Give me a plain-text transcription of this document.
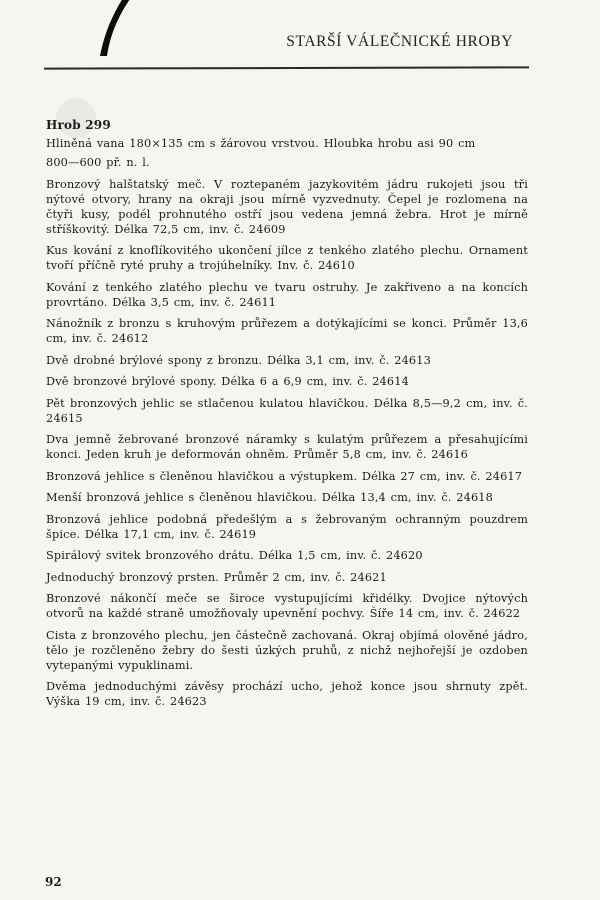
STARŠÍ VÁLEČNICKÉ HROBY
Hrob 299

Hliněná vana 180×135 cm s žárovou vrstvou. Hloubka hrobu asi 90 cm

800—600 př. n. l.

Bronzový halštatský meč. V roztepaném jazykovitém jádru rukojeti jsou tři nýtové otvory, hrany na okraji jsou mírně vyzvednuty. Čepel je rozlomena na čtyři kusy, podél prohnutého ostří jsou vedena jemná žebra. Hrot je mírně stříškovitý. Délka 72,5 cm, inv. č. 24609

Kus kování z knoflíkovitého ukončení jílce z tenkého zlatého plechu. Ornament tvoří příčně ryté pruhy a trojúhelníky. Inv. č. 24610

Kování z tenkého zlatého plechu ve tvaru ostruhy. Je zakřiveno a na koncích provrtáno. Délka 3,5 cm, inv. č. 24611

Nánožník z bronzu s kruhovým průřezem a dotýkajícími se konci. Průměr 13,6 cm, inv. č. 24612

Dvě drobné brýlové spony z bronzu. Délka 3,1 cm, inv. č. 24613

Dvě bronzové brýlové spony. Délka 6 a 6,9 cm, inv. č. 24614

Pět bronzových jehlic se stlačenou kulatou hlavičkou. Délka 8,5—9,2 cm, inv. č. 24615

Dva jemně žebrované bronzové náramky s kulatým průřezem a přesahujícími konci. Jeden kruh je deformován ohněm. Průměr 5,8 cm, inv. č. 24616

Bronzová jehlice s členěnou hlavičkou a výstupkem. Délka 27 cm, inv. č. 24617

Menší bronzová jehlice s členěnou hlavičkou. Délka 13,4 cm, inv. č. 24618

Bronzová jehlice podobná předešlým a s žebrovaným ochranným pouzdrem špice. Délka 17,1 cm, inv. č. 24619

Spirálový svitek bronzového drátu. Délka 1,5 cm, inv. č. 24620

Jednoduchý bronzový prsten. Průměr 2 cm, inv. č. 24621

Bronzové nákončí meče se široce vystupujícími křidélky. Dvojice nýtových otvorů na každé straně umožňovaly upevnění pochvy. Šíře 14 cm, inv. č. 24622

Cista z bronzového plechu, jen částečně zachovaná. Okraj objímá olověné jádro, tělo je rozčleněno žebry do šesti úzkých pruhů, z nichž nejhořejší je ozdoben vytepanými vypuklinami.

Dvěma jednoduchými závěsy prochází ucho, jehož konce jsou shrnuty zpět. Výška 19 cm, inv. č. 24623

92
